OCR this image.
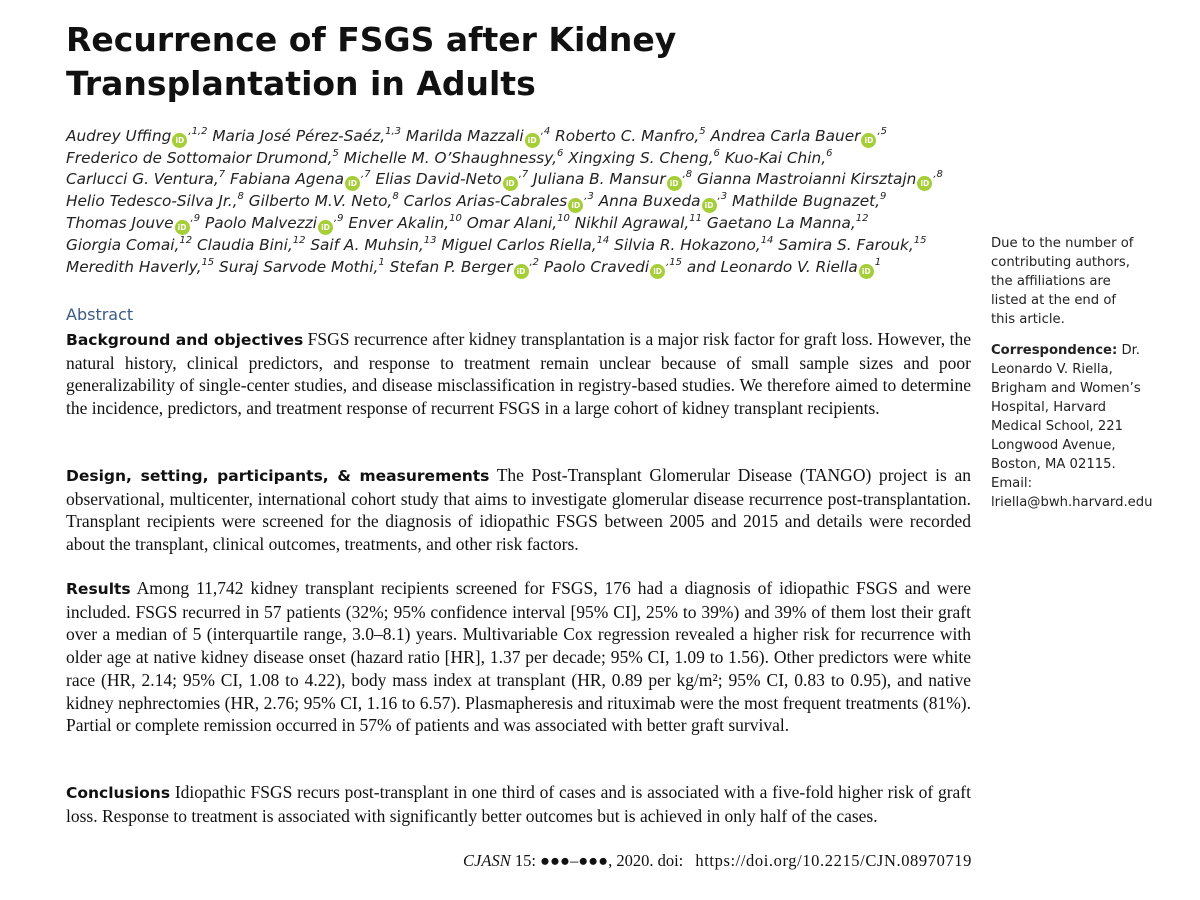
Recurrence of FSGS after Kidney Transplantation in Adults
Audrey Uffing $iD^{,1,2}$ Maria José Pérez-Saéz,$^{1,3}$ Marilda Mazzali $iD^{,4}$ Roberto C. Manfro,$^5$ Andrea Carla Bauer $iD^{,5}$
Frederico de Sottomaior Drumond,$^5$ Michelle M. O’Shaughnessy,$^6$ Xingxing S. Cheng,$^6$ Kuo-Kai Chin,$^6$
Carlucci G. Ventura,$^7$ Fabiana Agena $iD^{,7}$ Elias David-Neto $iD^{,7}$ Juliana B. Mansur $iD^{,8}$ Gianna Mastroianni Kirsztajn $iD^{,8}$
Helio Tedesco-Silva Jr.,$^8$ Gilberto M.V. Neto,$^8$ Carlos Arias-Cabrales $iD^{,3}$ Anna Buxeda $iD^{,3}$ Mathilde Bugnazet,$^9$
Thomas Jouve $iD^{,9}$ Paolo Malvezzi $iD^{,9}$ Enver Akalin,$^{10}$ Omar Alani,$^{10}$ Nikhil Agrawal,$^{11}$ Gaetano La Manna,$^{12}$
Giorgia Comai,$^{12}$ Claudia Bini,$^{12}$ Saif A. Muhsin,$^{13}$ Miguel Carlos Riella,$^{14}$ Silvia R. Hokazono,$^{14}$ Samira S. Farouk,$^{15}$
Meredith Haverly,$^{15}$ Suraj Sarvode Mothi,$^1$ Stefan P. Berger $iD^{,2}$ Paolo Cravedi $iD^{,15}$ and Leonardo V. Riella $iD^1$
Abstract

Background and objectives FSGS recurrence after kidney transplantation is a major risk factor for graft loss. However, the natural history, clinical predictors, and response to treatment remain unclear because of small sample sizes and poor generalizability of single-center studies, and disease misclassification in registry-based studies. We therefore aimed to determine the incidence, predictors, and treatment response of recurrent FSGS in a large cohort of kidney transplant recipients.

Design, setting, participants, & measurements The Post-Transplant Glomerular Disease (TANGO) project is an observational, multicenter, international cohort study that aims to investigate glomerular disease recurrence post-transplantation. Transplant recipients were screened for the diagnosis of idiopathic FSGS between 2005 and 2015 and details were recorded about the transplant, clinical outcomes, treatments, and other risk factors.

Results Among 11,742 kidney transplant recipients screened for FSGS, 176 had a diagnosis of idiopathic FSGS and were included. FSGS recurred in 57 patients (32%; 95% confidence interval [95% CI], 25% to 39%) and 39% of them lost their graft over a median of 5 (interquartile range, 3.0–8.1) years. Multivariable Cox regression revealed a higher risk for recurrence with older age at native kidney disease onset (hazard ratio [HR], 1.37 per decade; 95% CI, 1.09 to 1.56). Other predictors were white race (HR, 2.14; 95% CI, 1.08 to 4.22), body mass index at transplant (HR, 0.89 per kg/m²; 95% CI, 0.83 to 0.95), and native kidney nephrectomies (HR, 2.76; 95% CI, 1.16 to 6.57). Plasmapheresis and rituximab were the most frequent treatments (81%). Partial or complete remission occurred in 57% of patients and was associated with better graft survival.

Conclusions Idiopathic FSGS recurs post-transplant in one third of cases and is associated with a five-fold higher risk of graft loss. Response to treatment is associated with significantly better outcomes but is achieved in only half of the cases.

CJASN 15: ●●●–●●●, 2020. doi: https://doi.org/10.2215/CJN.08970719

Due to the number of contributing authors, the affiliations are listed at the end of this article.

Correspondence: Dr. Leonardo V. Riella, Brigham and Women’s Hospital, Harvard Medical School, 221 Longwood Avenue, Boston, MA 02115. Email: lriella@bwh.harvard.edu
